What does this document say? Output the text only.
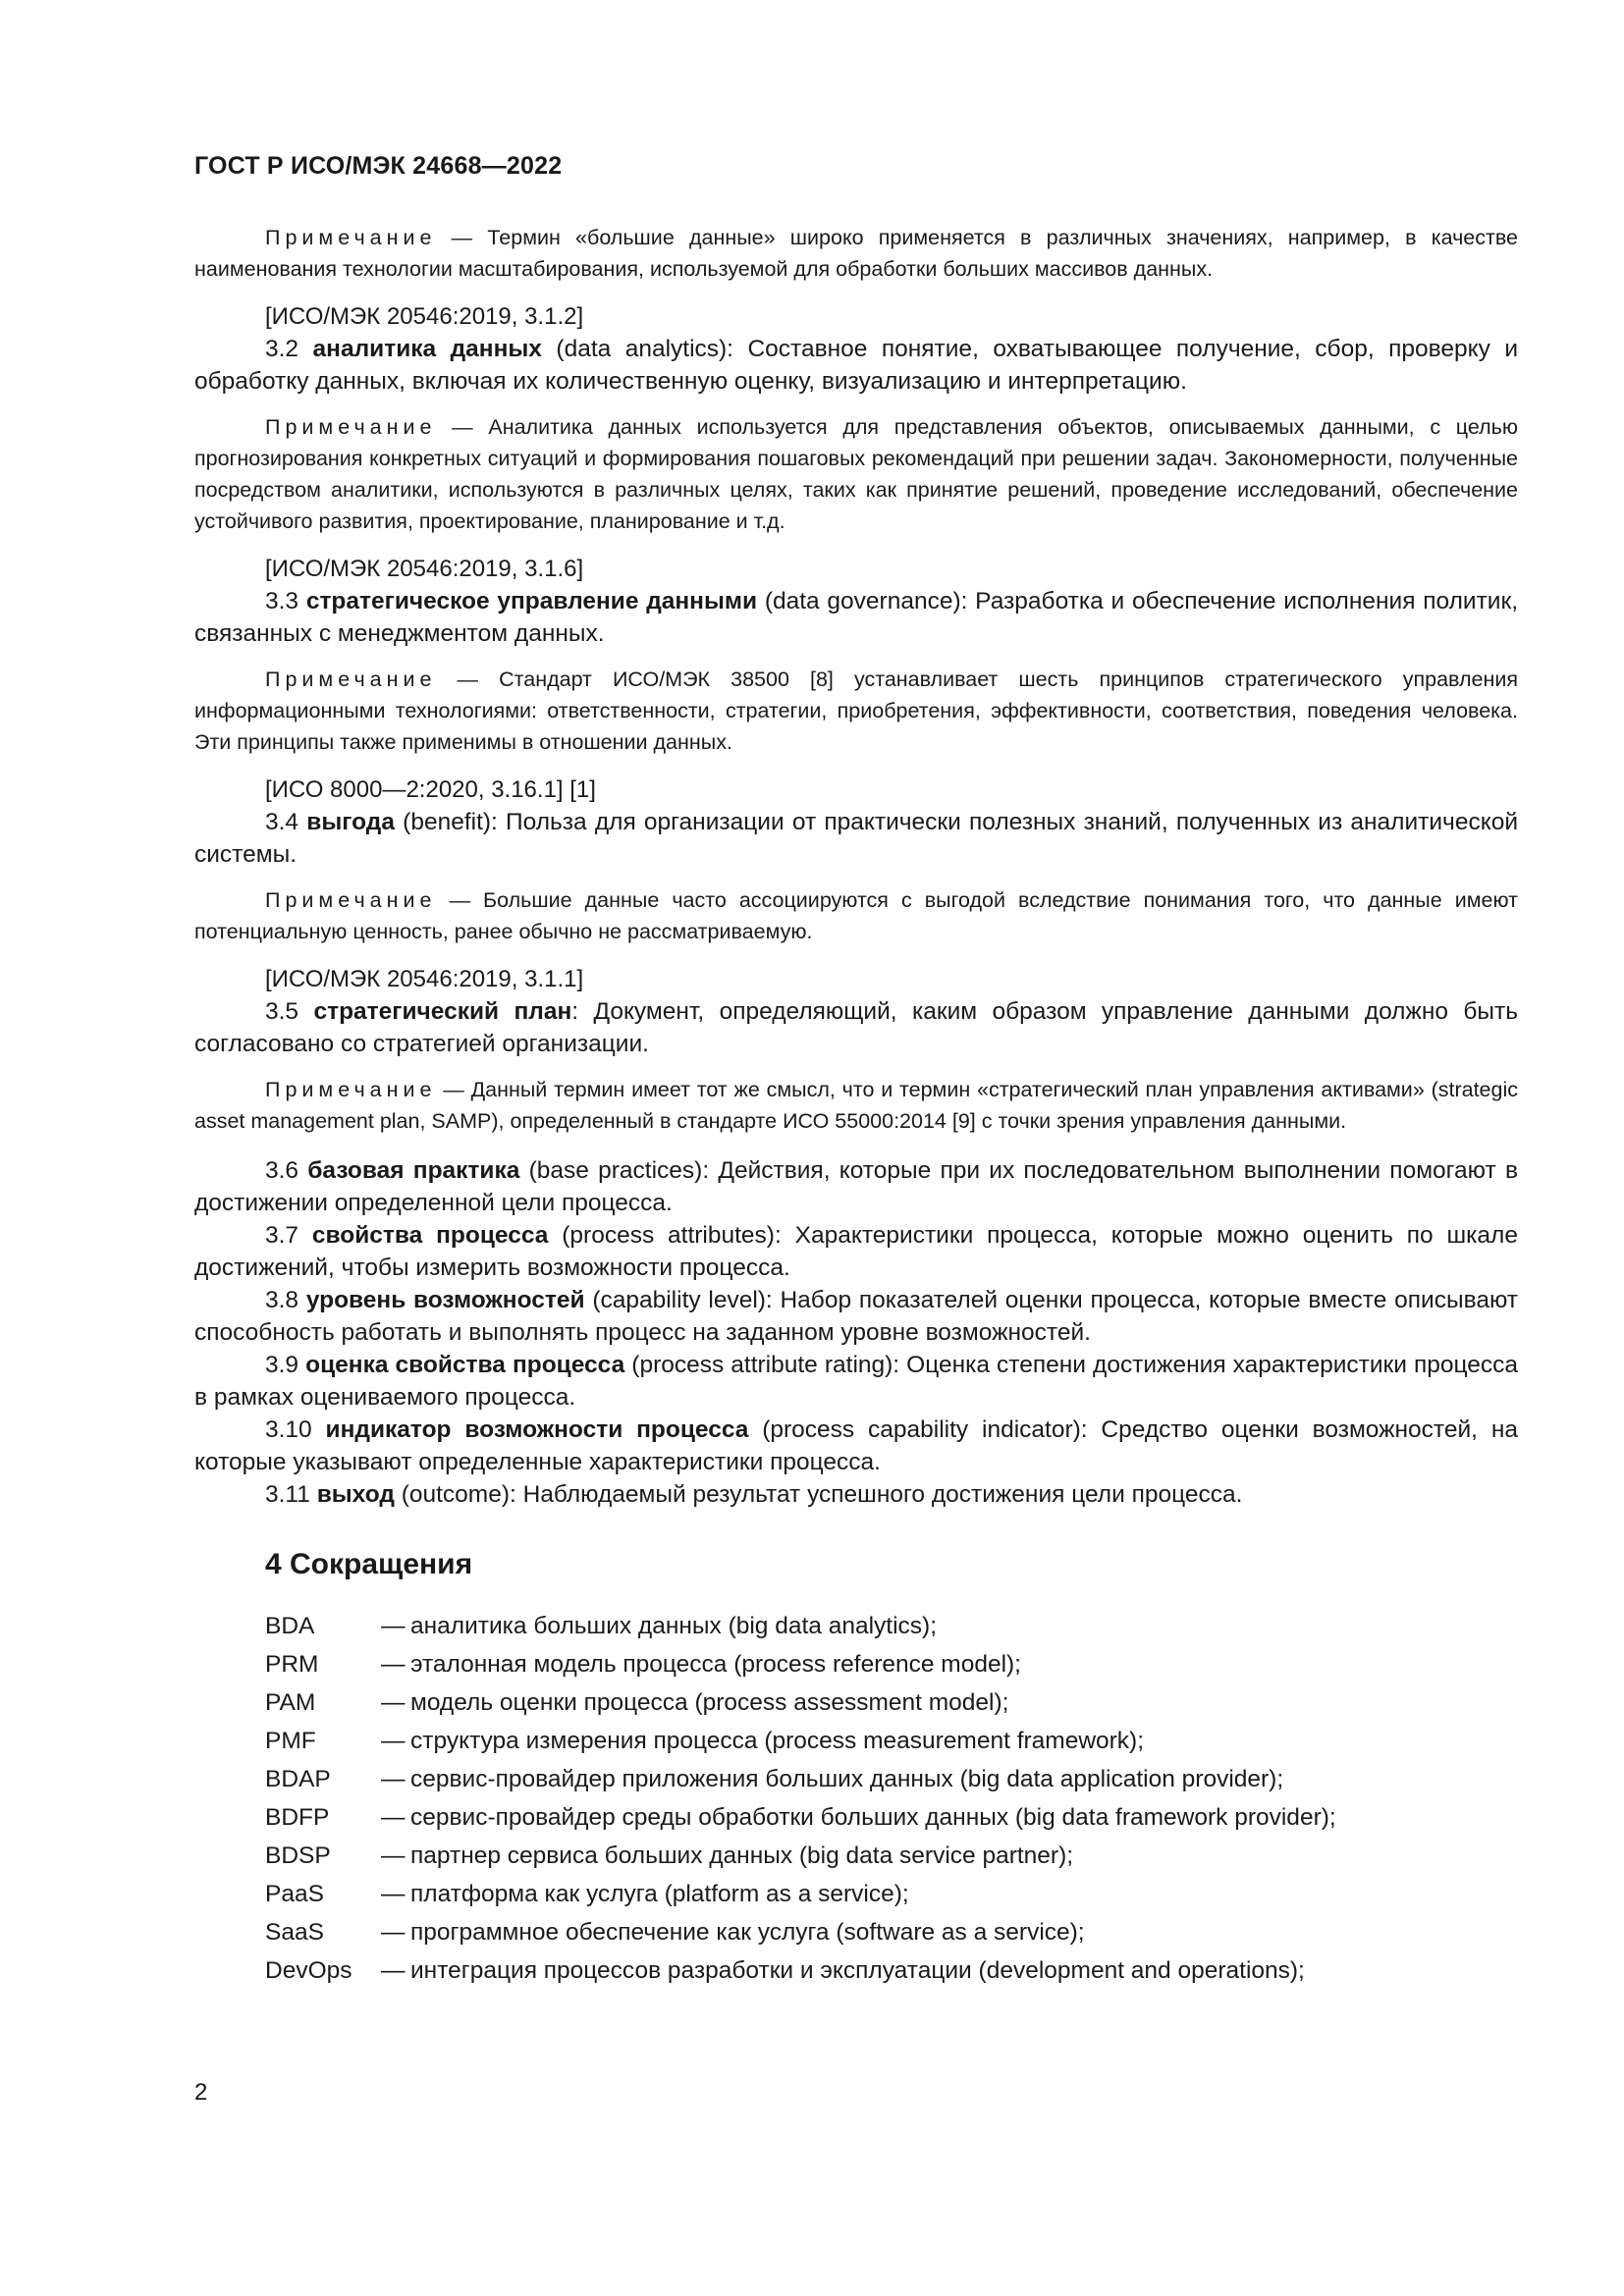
ГОСТ Р ИСО/МЭК 24668—2022

Примечание — Термин «большие данные» широко применяется в различных значениях, например, в качестве наименования технологии масштабирования, используемой для обработки больших массивов данных.

[ИСО/МЭК 20546:2019, 3.1.2]

3.2 аналитика данных (data analytics): Составное понятие, охватывающее получение, сбор, проверку и обработку данных, включая их количественную оценку, визуализацию и интерпретацию.

Примечание — Аналитика данных используется для представления объектов, описываемых данными, с целью прогнозирования конкретных ситуаций и формирования пошаговых рекомендаций при решении задач. Закономерности, полученные посредством аналитики, используются в различных целях, таких как принятие решений, проведение исследований, обеспечение устойчивого развития, проектирование, планирование и т.д.

[ИСО/МЭК 20546:2019, 3.1.6]

3.3 стратегическое управление данными (data governance): Разработка и обеспечение исполнения политик, связанных с менеджментом данных.

Примечание — Стандарт ИСО/МЭК 38500 [8] устанавливает шесть принципов стратегического управления информационными технологиями: ответственности, стратегии, приобретения, эффективности, соответствия, поведения человека. Эти принципы также применимы в отношении данных.

[ИСО 8000—2:2020, 3.16.1] [1]

3.4 выгода (benefit): Польза для организации от практически полезных знаний, полученных из аналитической системы.

Примечание — Большие данные часто ассоциируются с выгодой вследствие понимания того, что данные имеют потенциальную ценность, ранее обычно не рассматриваемую.

[ИСО/МЭК 20546:2019, 3.1.1]

3.5 стратегический план: Документ, определяющий, каким образом управление данными должно быть согласовано со стратегией организации.

Примечание — Данный термин имеет тот же смысл, что и термин «стратегический план управления активами» (strategic asset management plan, SAMP), определенный в стандарте ИСО 55000:2014 [9] с точки зрения управления данными.

3.6 базовая практика (base practices): Действия, которые при их последовательном выполнении помогают в достижении определенной цели процесса.

3.7 свойства процесса (process attributes): Характеристики процесса, которые можно оценить по шкале достижений, чтобы измерить возможности процесса.

3.8 уровень возможностей (capability level): Набор показателей оценки процесса, которые вместе описывают способность работать и выполнять процесс на заданном уровне возможностей.

3.9 оценка свойства процесса (process attribute rating): Оценка степени достижения характеристики процесса в рамках оцениваемого процесса.

3.10 индикатор возможности процесса (process capability indicator): Средство оценки возможностей, на которые указывают определенные характеристики процесса.

3.11 выход (outcome): Наблюдаемый результат успешного достижения цели процесса.

4 Сокращения
BDA	— аналитика больших данных (big data analytics);
PRM	— эталонная модель процесса (process reference model);
PAM	— модель оценки процесса (process assessment model);
PMF	— структура измерения процесса (process measurement framework);
BDAP	— сервис-провайдер приложения больших данных (big data application provider);
BDFP	— сервис-провайдер среды обработки больших данных (big data framework provider);
BDSP	— партнер сервиса больших данных (big data service partner);
PaaS	— платформа как услуга (platform as a service);
SaaS	— программное обеспечение как услуга (software as a service);
DevOps	— интеграция процессов разработки и эксплуатации (development and operations);
2
